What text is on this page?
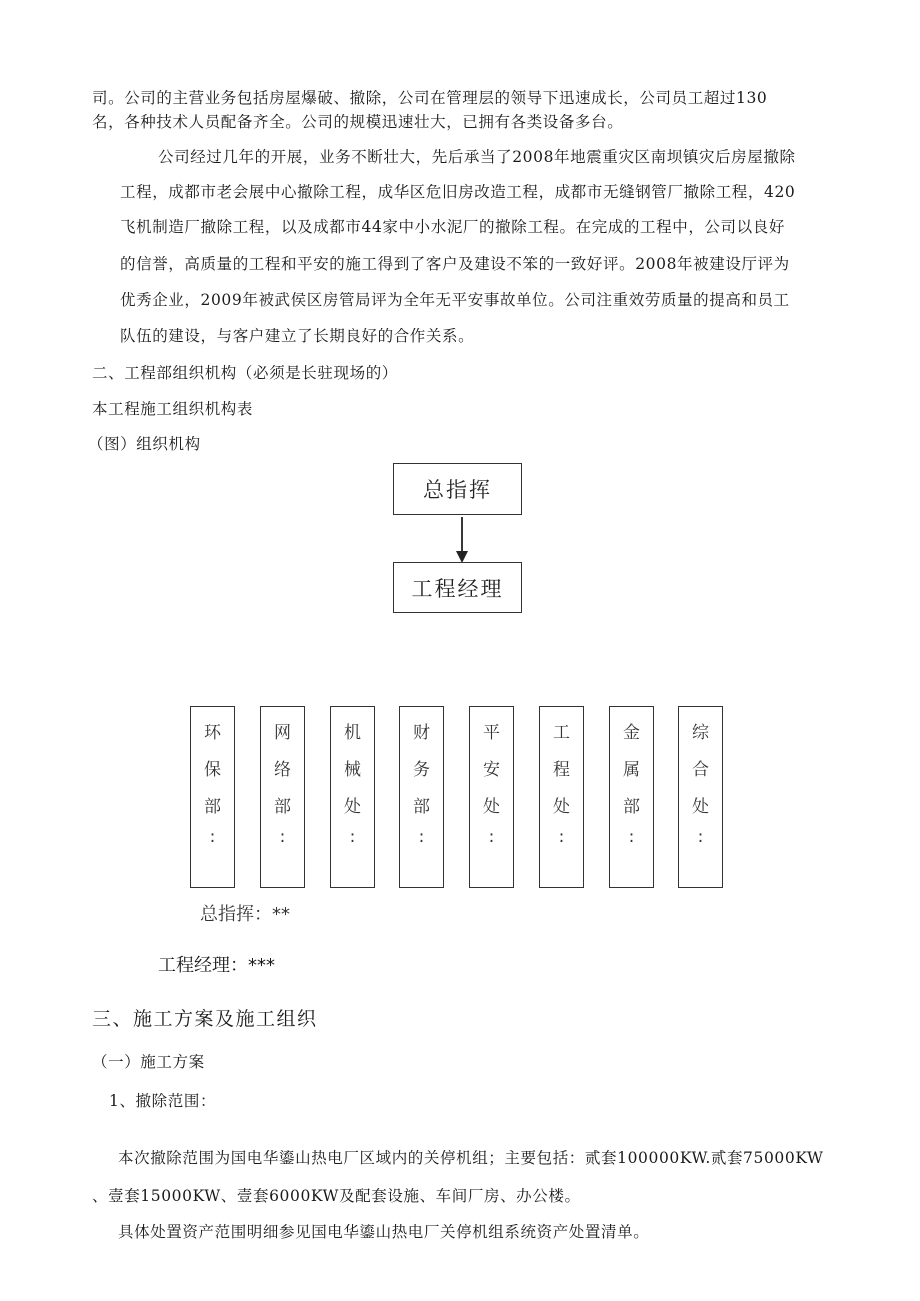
司。公司的主营业务包括房屋爆破、撤除，公司在管理层的领导下迅速成长，公司员工超过130
名，各种技术人员配备齐全。公司的规模迅速壮大，已拥有各类设备多台。
公司经过几年的开展，业务不断壮大，先后承当了2008年地震重灾区南坝镇灾后房屋撤除
工程，成都市老会展中心撤除工程，成华区危旧房改造工程，成都市无缝钢管厂撤除工程，420
飞机制造厂撤除工程，以及成都市44家中小水泥厂的撤除工程。在完成的工程中，公司以良好
的信誉，高质量的工程和平安的施工得到了客户及建设不笨的一致好评。2008年被建设厅评为
优秀企业，2009年被武侯区房管局评为全年无平安事故单位。公司注重效劳质量的提高和员工
队伍的建设，与客户建立了长期良好的合作关系。
二、工程部组织机构（必须是长驻现场的）
本工程施工组织机构表
（图）组织机构
总指挥
工程经理
环
保
部
:
网
络
部
:
机
械
处
:
财
务
部
:
平
安
处
:
工
程
处
:
金
属
部
:
综
合
处
:
总指挥：**
工程经理：***
三、施工方案及施工组织
（一）施工方案
1、撤除范围：
本次撤除范围为国电华鎏山热电厂区域内的关停机组；主要包括：贰套100000KW.贰套75000KW
、壹套15000KW、壹套6000KW及配套设施、车间厂房、办公楼。
具体处置资产范围明细参见国电华鎏山热电厂关停机组系统资产处置清单。
